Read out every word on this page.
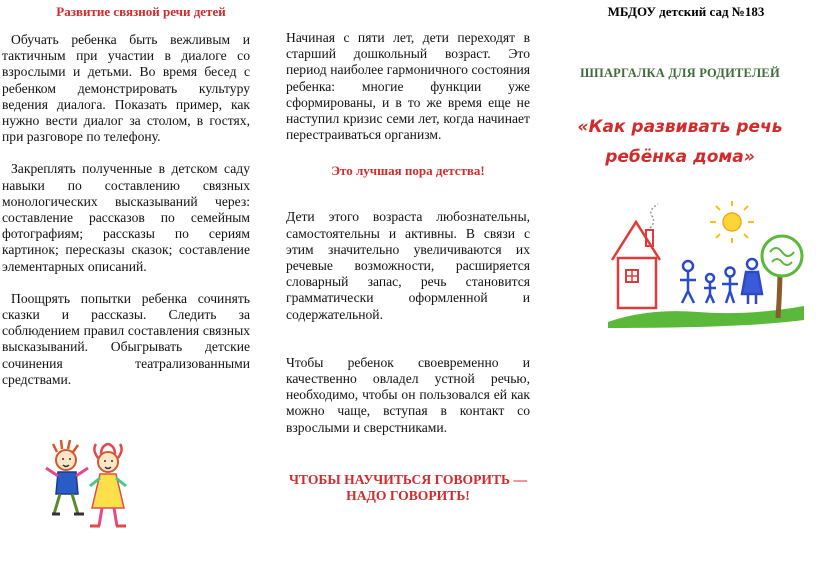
Развитие связной речи детей

Обучать ребенка быть вежливым и тактичным при участии в диалоге со взрослыми и детьми. Во время бесед с ребенком демонстрировать культуру ведения диалога. Показать пример, как нужно вести диалог за столом, в гостях, при разговоре по телефону.

Закреплять полученные в детском саду навыки по составлению связных монологических высказываний через: составление рассказов по семейным фотографиям; рассказы по сериям картинок; пересказы сказок; составление элементарных описаний.

Поощрять попытки ребенка сочинять сказки и рассказы. Следить за соблюдением правил составления связных высказываний. Обыгрывать детские сочинения театрализованными средствами.

Начиная с пяти лет, дети переходят в старший дошкольный возраст. Это период наиболее гармоничного состояния ребенка: многие функции уже сформированы, и в то же время еще не наступил кризис семи лет, когда начинает перестраиваться организм.

Это лучшая пора детства!

Дети этого возраста любознательны, самостоятельны и активны. В связи с этим значительно увеличиваются их речевые возможности, расширяется словарный запас, речь становится грамматически оформленной и содержательной.

Чтобы ребенок своевременно и качественно овладел устной речью, необходимо, чтобы он пользовался ей как можно чаще, вступая в контакт со взрослыми и сверстниками.

ЧТОБЫ НАУЧИТЬСЯ ГОВОРИТЬ —
НАДО ГОВОРИТЬ!
МБДОУ детский сад №183
ШПАРГАЛКА ДЛЯ РОДИТЕЛЕЙ
«Как развивать речь
ребёнка дома»
